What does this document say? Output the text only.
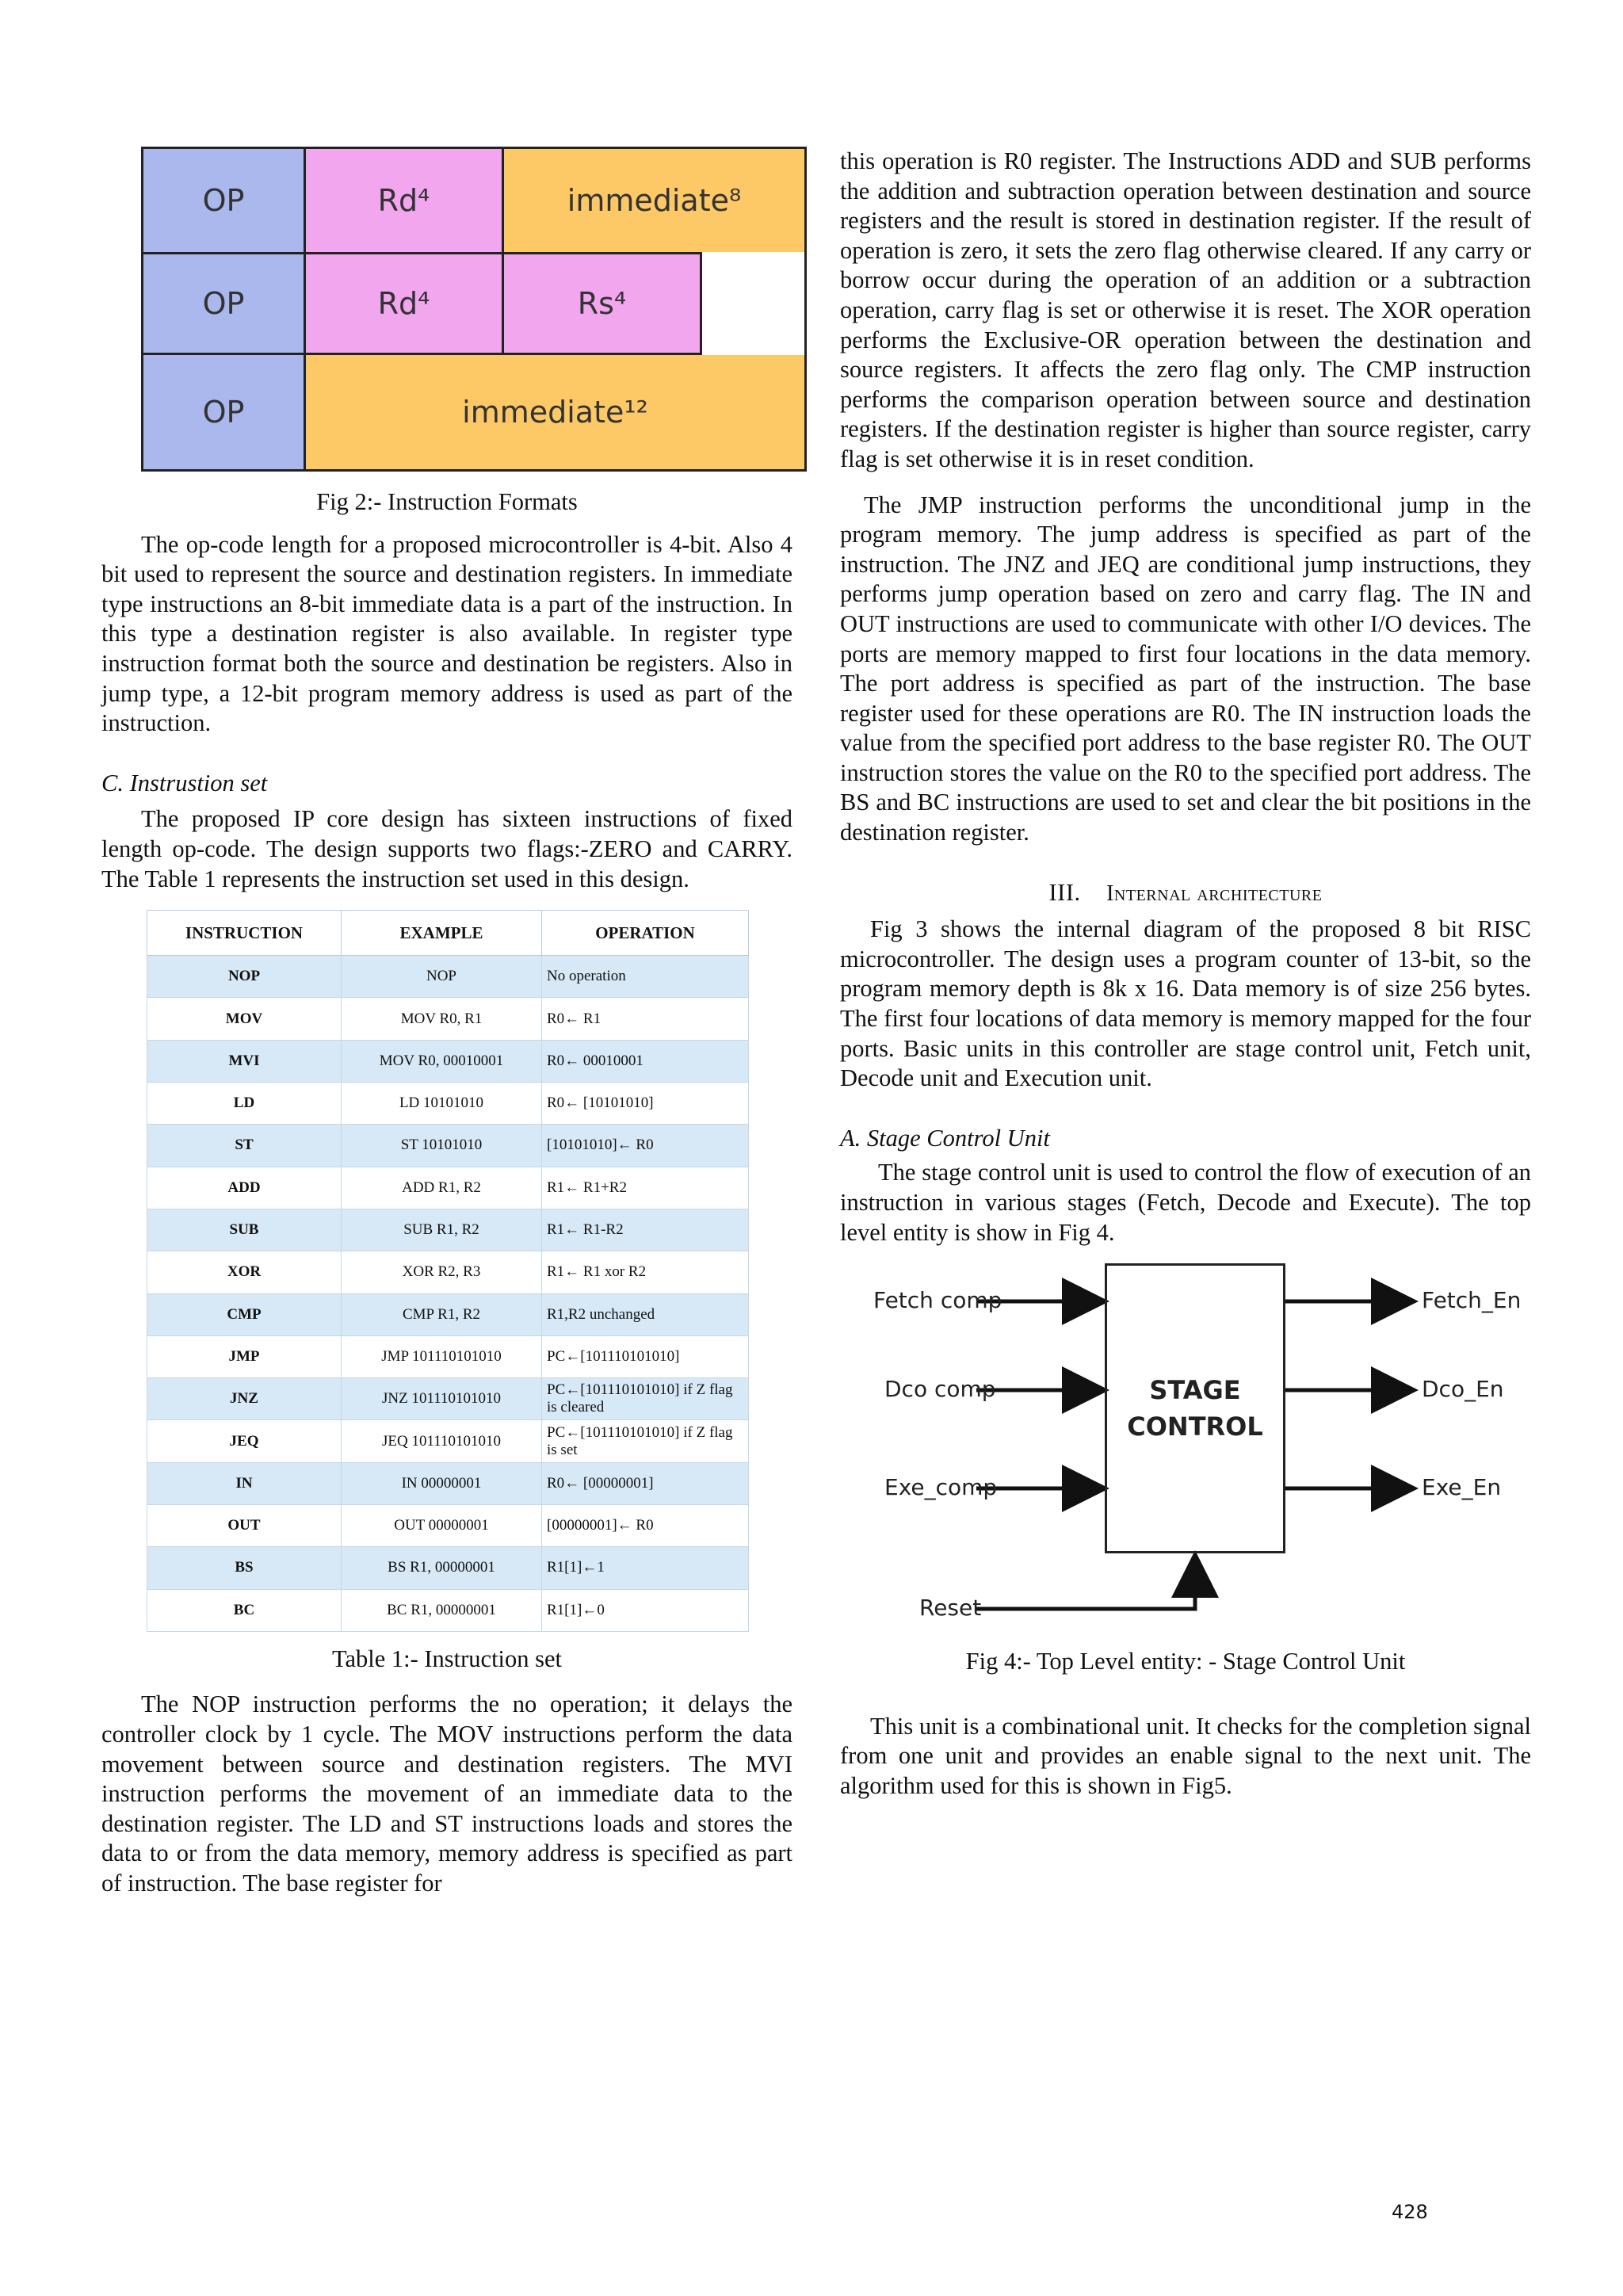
OP	Rd⁴	immediate⁸
OP	Rd⁴	Rs⁴
OP	immediate¹²

Fig 2:- Instruction Formats

The op-code length for a proposed microcontroller is 4-bit. Also 4 bit used to represent the source and destination registers. In immediate type instructions an 8-bit immediate data is a part of the instruction. In this type a destination register is also available. In register type instruction format both the source and destination be registers. Also in jump type, a 12-bit program memory address is used as part of the instruction.

C. Instrustion set

The proposed IP core design has sixteen instructions of fixed length op-code. The design supports two flags:-ZERO and CARRY. The Table 1 represents the instruction set used in this design.

INSTRUCTION	EXAMPLE	OPERATION
NOP	NOP	No operation
MOV	MOV R0, R1	R0← R1
MVI	MOV R0, 00010001	R0← 00010001
LD	LD 10101010	R0← [10101010]
ST	ST 10101010	[10101010]← R0
ADD	ADD R1, R2	R1← R1+R2
SUB	SUB R1, R2	R1← R1-R2
XOR	XOR R2, R3	R1← R1 xor R2
CMP	CMP R1, R2	R1,R2 unchanged
JMP	JMP 101110101010	PC←[101110101010]
JNZ	JNZ 101110101010	PC←[101110101010] if Z flag is cleared
JEQ	JEQ 101110101010	PC←[101110101010] if Z flag is set
IN	IN 00000001	R0← [00000001]
OUT	OUT 00000001	[00000001]← R0
BS	BS R1, 00000001	R1[1]←1
BC	BC R1, 00000001	R1[1]←0

Table 1:- Instruction set

The NOP instruction performs the no operation; it delays the controller clock by 1 cycle. The MOV instructions perform the data movement between source and destination registers. The MVI instruction performs the movement of an immediate data to the destination register. The LD and ST instructions loads and stores the data to or from the data memory, memory address is specified as part of instruction. The base register for

this operation is R0 register. The Instructions ADD and SUB performs the addition and subtraction operation between destination and source registers and the result is stored in destination register. If the result of operation is zero, it sets the zero flag otherwise cleared. If any carry or borrow occur during the operation of an addition or a subtraction operation, carry flag is set or otherwise it is reset. The XOR operation performs the Exclusive-OR operation between the destination and source registers. It affects the zero flag only. The CMP instruction performs the comparison operation between source and destination registers. If the destination register is higher than source register, carry flag is set otherwise it is in reset condition.

The JMP instruction performs the unconditional jump in the program memory. The jump address is specified as part of the instruction. The JNZ and JEQ are conditional jump instructions, they performs jump operation based on zero and carry flag. The IN and OUT instructions are used to communicate with other I/O devices. The ports are memory mapped to first four locations in the data memory. The port address is specified as part of the instruction. The base register used for these operations are R0. The IN instruction loads the value from the specified port address to the base register R0. The OUT instruction stores the value on the R0 to the specified port address. The BS and BC instructions are used to set and clear the bit positions in the destination register.

III. Internal architecture

Fig 3 shows the internal diagram of the proposed 8 bit RISC microcontroller. The design uses a program counter of 13-bit, so the program memory depth is 8k x 16. Data memory is of size 256 bytes. The first four locations of data memory is memory mapped for the four ports. Basic units in this controller are stage control unit, Fetch unit, Decode unit and Execution unit.

A. Stage Control Unit

The stage control unit is used to control the flow of execution of an instruction in various stages (Fetch, Decode and Execute). The top level entity is show in Fig 4.

Fetch comp
Dco comp
Exe_comp
Fetch_En
Dco_En
Exe_En
Reset
STAGE
CONTROL

Fig 4:- Top Level entity: - Stage Control Unit

This unit is a combinational unit. It checks for the completion signal from one unit and provides an enable signal to the next unit. The algorithm used for this is shown in Fig5.

428
